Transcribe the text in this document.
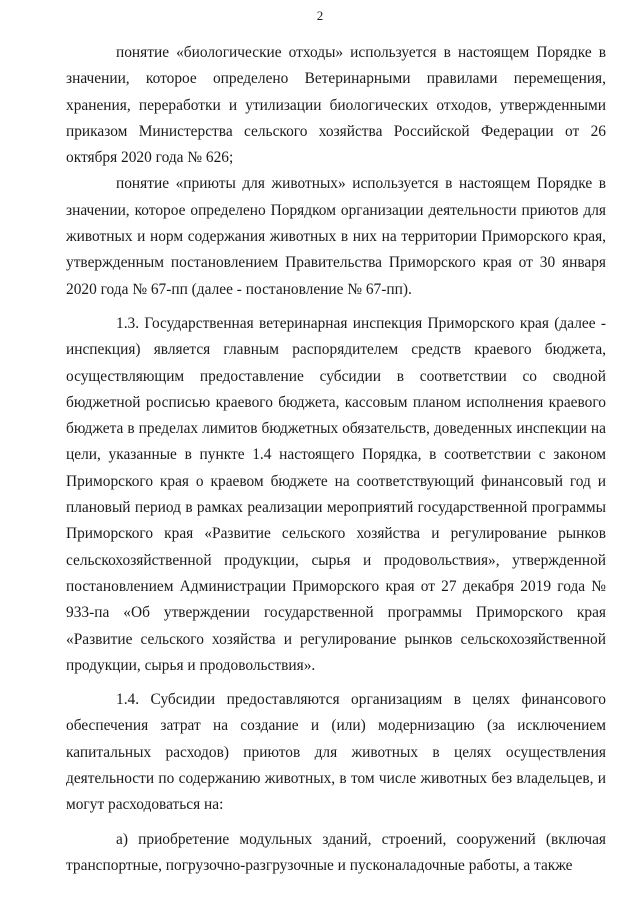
2

понятие «биологические отходы» используется в настоящем Порядке в значении, которое определено Ветеринарными правилами перемещения, хранения, переработки и утилизации биологических отходов, утвержденными приказом Министерства сельского хозяйства Российской Федерации от 26 октября 2020 года № 626;

понятие «приюты для животных» используется в настоящем Порядке в значении, которое определено Порядком организации деятельности приютов для животных и норм содержания животных в них на территории Приморского края, утвержденным постановлением Правительства Приморского края от 30 января 2020 года № 67-пп (далее - постановление № 67-пп).

1.3. Государственная ветеринарная инспекция Приморского края (далее - инспекция) является главным распорядителем средств краевого бюджета, осуществляющим предоставление субсидии в соответствии со сводной бюджетной росписью краевого бюджета, кассовым планом исполнения краевого бюджета в пределах лимитов бюджетных обязательств, доведенных инспекции на цели, указанные в пункте 1.4 настоящего Порядка, в соответствии с законом Приморского края о краевом бюджете на соответствующий финансовый год и плановый период в рамках реализации мероприятий государственной программы Приморского края «Развитие сельского хозяйства и регулирование рынков сельскохозяйственной продукции, сырья и продовольствия», утвержденной постановлением Администрации Приморского края от 27 декабря 2019 года № 933-па «Об утверждении государственной программы Приморского края «Развитие сельского хозяйства и регулирование рынков сельскохозяйственной продукции, сырья и продовольствия».

1.4. Субсидии предоставляются организациям в целях финансового обеспечения затрат на создание и (или) модернизацию (за исключением капитальных расходов) приютов для животных в целях осуществления деятельности по содержанию животных, в том числе животных без владельцев, и могут расходоваться на:

а) приобретение модульных зданий, строений, сооружений (включая транспортные, погрузочно-разгрузочные и пусконаладочные работы, а также
